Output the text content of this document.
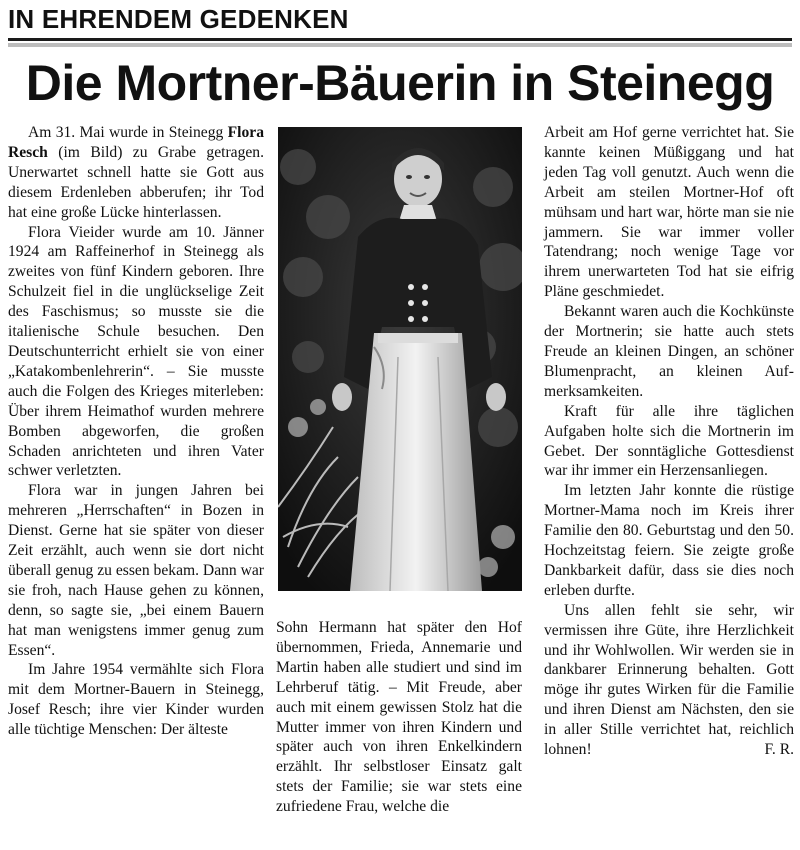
IN EHRENDEM GEDENKEN
Die Mortner-Bäuerin in Steinegg

Am 31. Mai wurde in Steinegg Flora Resch (im Bild) zu Grabe getragen. Unerwartet schnell hatte sie Gott aus diesem Erdenleben abberufen; ihr Tod hat eine große Lücke hinterlassen.

Flora Vieider wurde am 10. Jänner 1924 am Raffeinerhof in Steinegg als zweites von fünf Kindern geboren. Ihre Schulzeit fiel in die unglückselige Zeit des Faschismus; so musste sie die italienische Schule besuchen. Den Deutschunterricht erhielt sie von einer „Katakombenlehrerin“. – Sie musste auch die Folgen des Krieges miterleben: Über ihrem Heimathof wurden mehrere Bomben abgeworfen, die großen Schaden anrichteten und ihren Vater schwer verletzten.

Flora war in jungen Jahren bei mehreren „Herrschaften“ in Bozen in Dienst. Gerne hat sie später von dieser Zeit erzählt, auch wenn sie dort nicht überall genug zu essen bekam. Dann war sie froh, nach Hause gehen zu können, denn, so sagte sie, „bei einem Bauern hat man wenigstens immer genug zum Essen“.

Im Jahre 1954 vermählte sich Flora mit dem Mortner-Bauern in Steinegg, Josef Resch; ihre vier Kinder wurden alle tüchtige Menschen: Der älteste

Sohn Hermann hat später den Hof übernommen, Frieda, Annemarie und Martin haben alle studiert und sind im Lehrberuf tätig. – Mit Freude, aber auch mit einem gewissen Stolz hat die Mutter immer von ihren Kindern und später auch von ihren Enkelkindern erzählt. Ihr selbstloser Einsatz galt stets der Familie; sie war stets eine zufriedene Frau, welche die

Arbeit am Hof gerne verrichtet hat. Sie kannte keinen Müßiggang und hat jeden Tag voll genutzt. Auch wenn die Arbeit am steilen Mortner-Hof oft mühsam und hart war, hörte man sie nie jammern. Sie war immer voller Tatendrang; noch wenige Tage vor ihrem unerwarteten Tod hat sie eifrig Pläne geschmiedet.

Bekannt waren auch die Kochkünste der Mortnerin; sie hatte auch stets Freude an kleinen Dingen, an schöner Blumenpracht, an kleinen Aufmerksamkeiten.

Kraft für alle ihre täglichen Aufgaben holte sich die Mortnerin im Gebet. Der sonntägliche Gottesdienst war ihr immer ein Herzensanliegen.

Im letzten Jahr konnte die rüstige Mortner-Mama noch im Kreis ihrer Familie den 80. Geburtstag und den 50. Hochzeitstag feiern. Sie zeigte große Dankbarkeit dafür, dass sie dies noch erleben durfte.

Uns allen fehlt sie sehr, wir vermissen ihre Güte, ihre Herzlichkeit und ihr Wohlwollen. Wir werden sie in dankbarer Erinnerung behalten. Gott möge ihr gutes Wirken für die Familie und ihren Dienst am Nächsten, den sie in aller Stille verrichtet hat, reichlich lohnen!	F. R.
